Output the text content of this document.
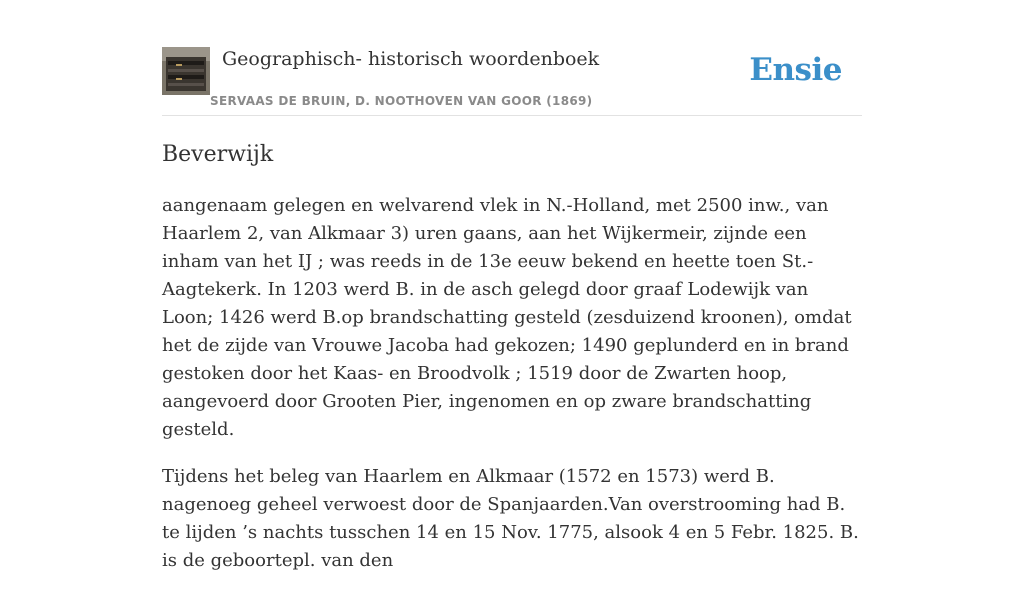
Geographisch- historisch woordenboek
SERVAAS DE BRUIN, D. NOOTHOVEN VAN GOOR (1869)
Ensie
Beverwijk

aangenaam gelegen en welvarend vlek in N.-Holland, met 2500 inw., van Haarlem 2, van Alkmaar 3) uren gaans, aan het Wijkermeir, zijnde een inham van het IJ ; was reeds in de 13e eeuw bekend en heette toen St.-Aagtekerk. In 1203 werd B. in de asch gelegd door graaf Lodewijk van Loon; 1426 werd B.op brandschatting gesteld (zesduizend kroonen), omdat het de zijde van Vrouwe Jacoba had gekozen; 1490 geplunderd en in brand gestoken door het Kaas- en Broodvolk ; 1519 door de Zwarten hoop, aangevoerd door Grooten Pier, ingenomen en op zware brandschatting gesteld.

Tijdens het beleg van Haarlem en Alkmaar (1572 en 1573) werd B. nagenoeg geheel verwoest door de Spanjaarden.Van overstrooming had B. te lijden ’s nachts tusschen 14 en 15 Nov. 1775, alsook 4 en 5 Febr. 1825. B. is de geboortepl. van den
